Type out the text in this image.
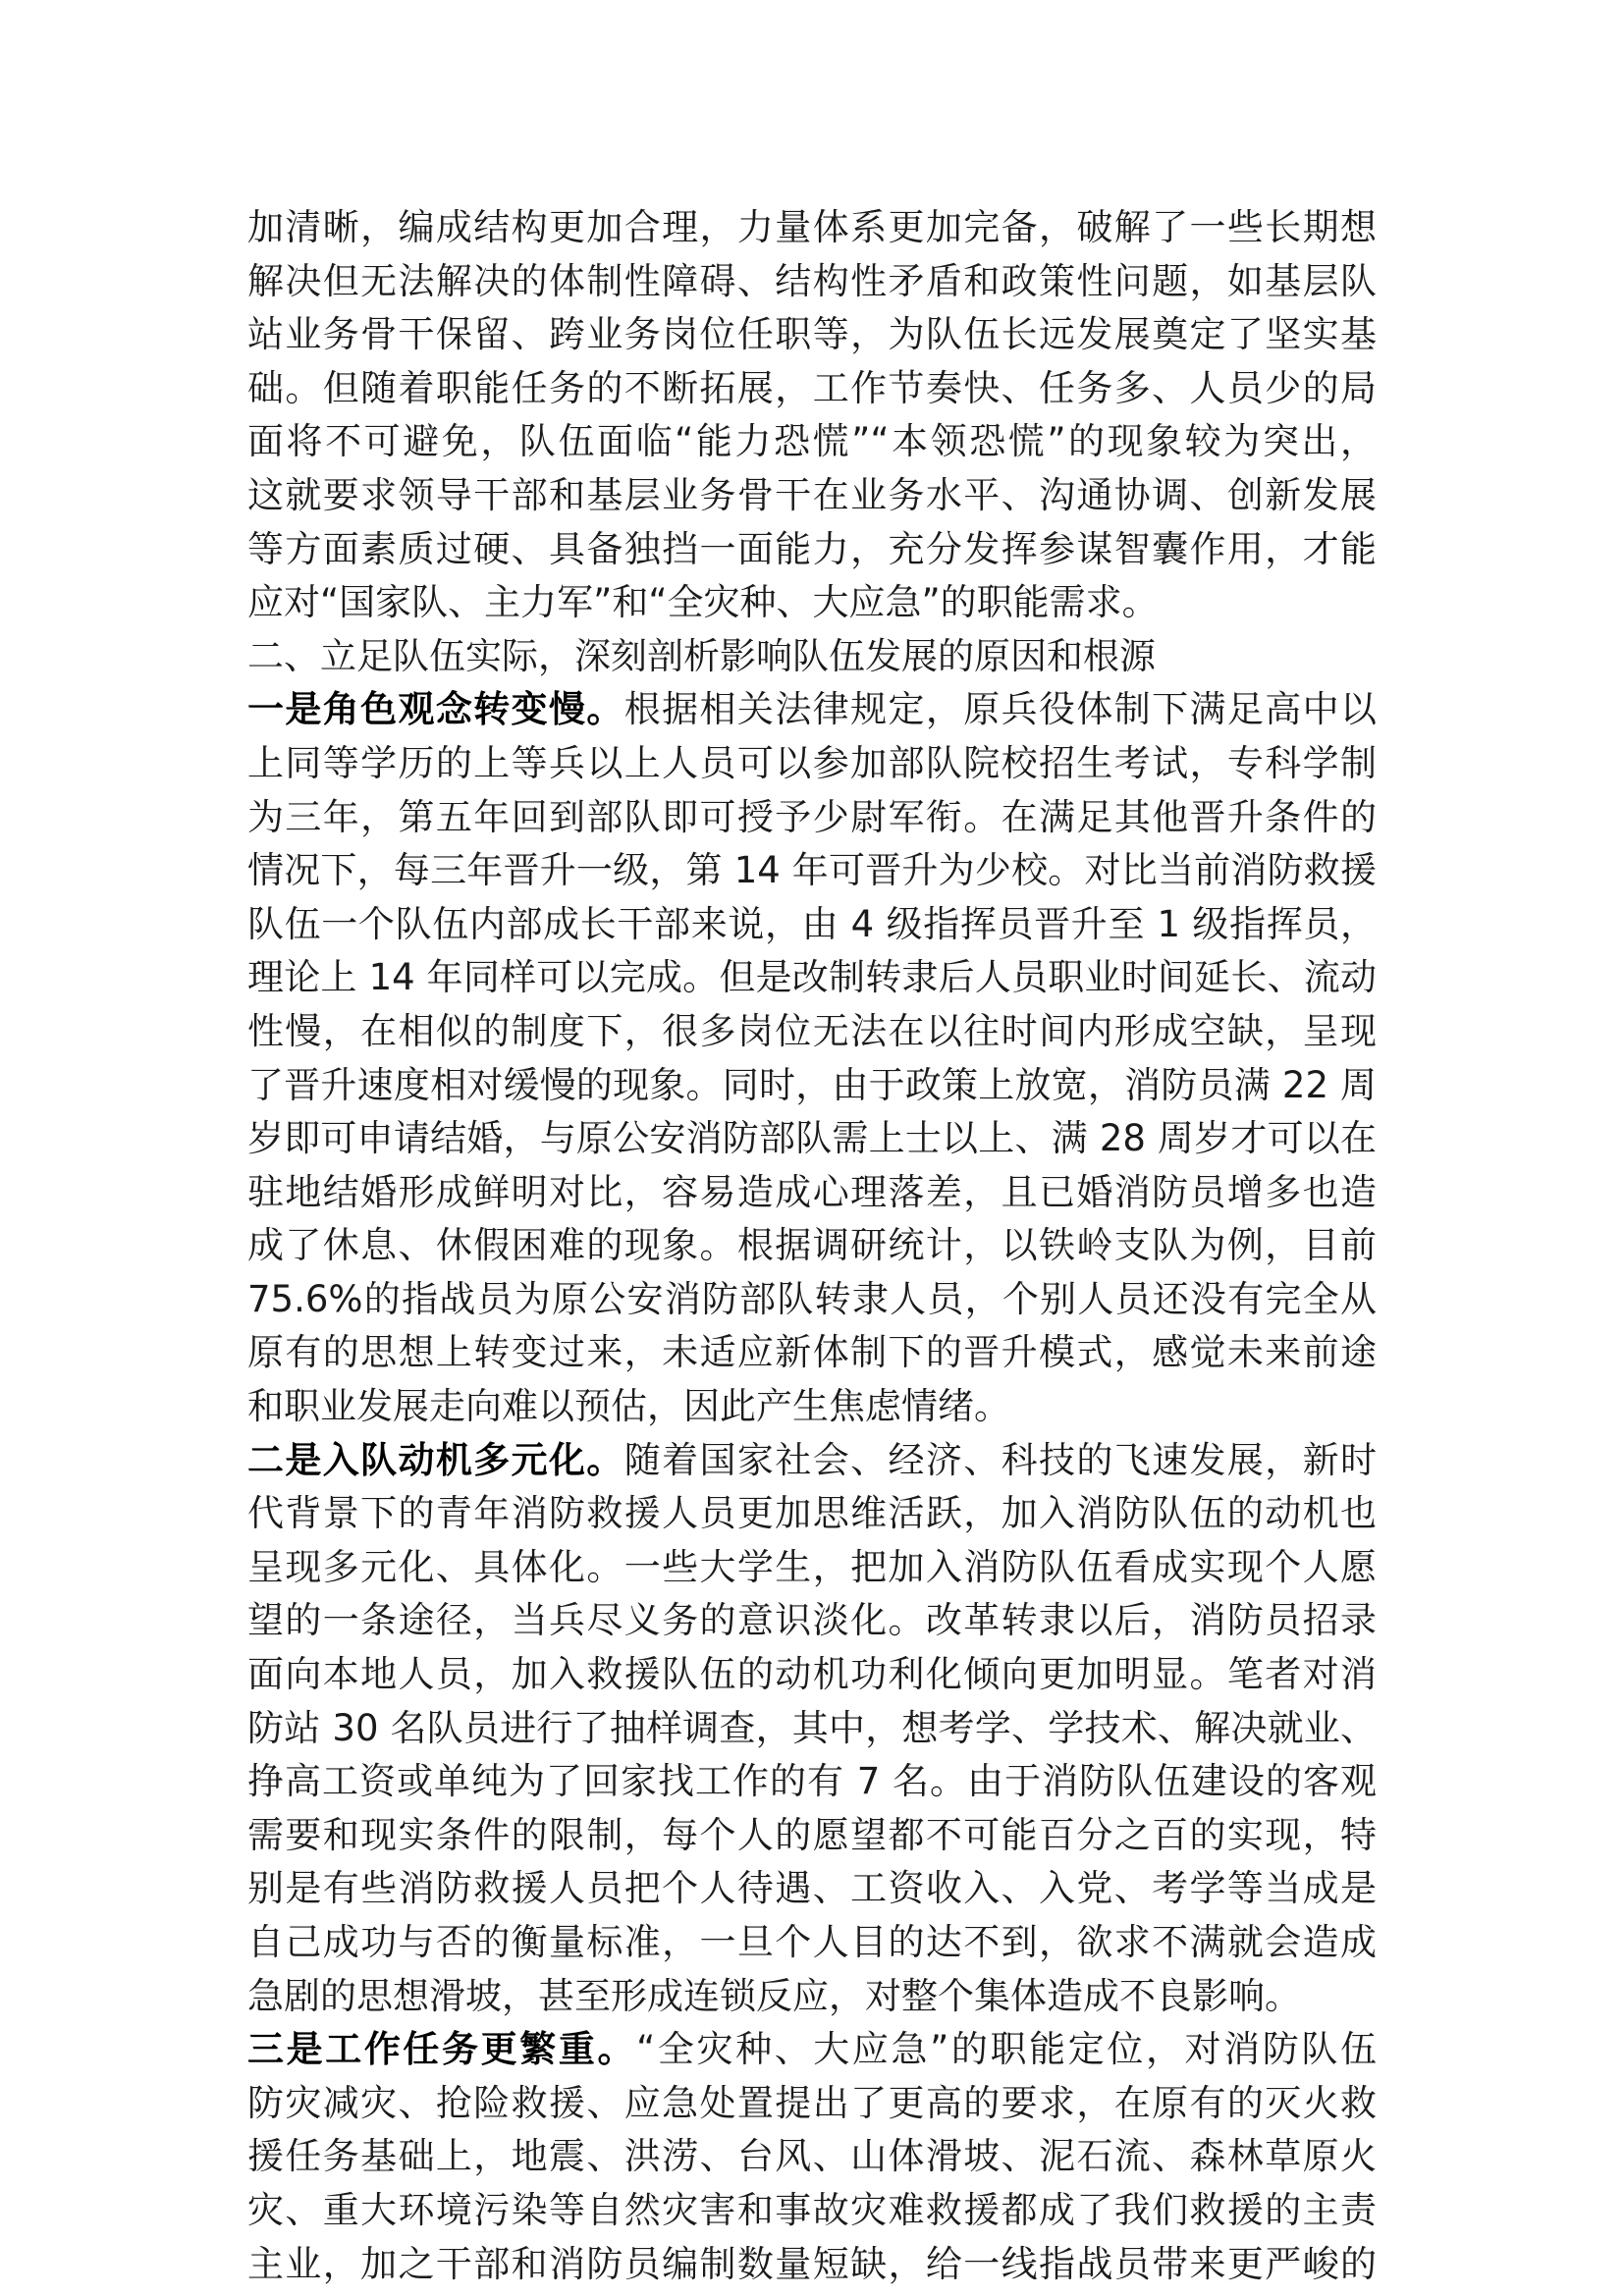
加清晰，编成结构更加合理，力量体系更加完备，破解了一些长期想
解决但无法解决的体制性障碍、结构性矛盾和政策性问题，如基层队
站业务骨干保留、跨业务岗位任职等，为队伍长远发展奠定了坚实基
础。但随着职能任务的不断拓展，工作节奏快、任务多、人员少的局
面将不可避免，队伍面临“能力恐慌”“本领恐慌”的现象较为突出，
这就要求领导干部和基层业务骨干在业务水平、沟通协调、创新发展
等方面素质过硬、具备独挡一面能力，充分发挥参谋智囊作用，才能
应对“国家队、主力军”和“全灾种、大应急”的职能需求。
二、立足队伍实际，深刻剖析影响队伍发展的原因和根源
一是角色观念转变慢。根据相关法律规定，原兵役体制下满足高中以
上同等学历的上等兵以上人员可以参加部队院校招生考试，专科学制
为三年，第五年回到部队即可授予少尉军衔。在满足其他晋升条件的
情况下，每三年晋升一级，第 14 年可晋升为少校。对比当前消防救援
队伍一个队伍内部成长干部来说，由 4 级指挥员晋升至 1 级指挥员，
理论上 14 年同样可以完成。但是改制转隶后人员职业时间延长、流动
性慢，在相似的制度下，很多岗位无法在以往时间内形成空缺，呈现
了晋升速度相对缓慢的现象。同时，由于政策上放宽，消防员满 22 周
岁即可申请结婚，与原公安消防部队需上士以上、满 28 周岁才可以在
驻地结婚形成鲜明对比，容易造成心理落差，且已婚消防员增多也造
成了休息、休假困难的现象。根据调研统计，以铁岭支队为例，目前
75.6%的指战员为原公安消防部队转隶人员，个别人员还没有完全从
原有的思想上转变过来，未适应新体制下的晋升模式，感觉未来前途
和职业发展走向难以预估，因此产生焦虑情绪。
二是入队动机多元化。随着国家社会、经济、科技的飞速发展，新时
代背景下的青年消防救援人员更加思维活跃，加入消防队伍的动机也
呈现多元化、具体化。一些大学生，把加入消防队伍看成实现个人愿
望的一条途径，当兵尽义务的意识淡化。改革转隶以后，消防员招录
面向本地人员，加入救援队伍的动机功利化倾向更加明显。笔者对消
防站 30 名队员进行了抽样调查，其中，想考学、学技术、解决就业、
挣高工资或单纯为了回家找工作的有 7 名。由于消防队伍建设的客观
需要和现实条件的限制，每个人的愿望都不可能百分之百的实现，特
别是有些消防救援人员把个人待遇、工资收入、入党、考学等当成是
自己成功与否的衡量标准，一旦个人目的达不到，欲求不满就会造成
急剧的思想滑坡，甚至形成连锁反应，对整个集体造成不良影响。
三是工作任务更繁重。“全灾种、大应急”的职能定位，对消防队伍
防灾减灾、抢险救援、应急处置提出了更高的要求，在原有的灭火救
援任务基础上，地震、洪涝、台风、山体滑坡、泥石流、森林草原火
灾、重大环境污染等自然灾害和事故灾难救援都成了我们救援的主责
主业，加之干部和消防员编制数量短缺，给一线指战员带来更严峻的
